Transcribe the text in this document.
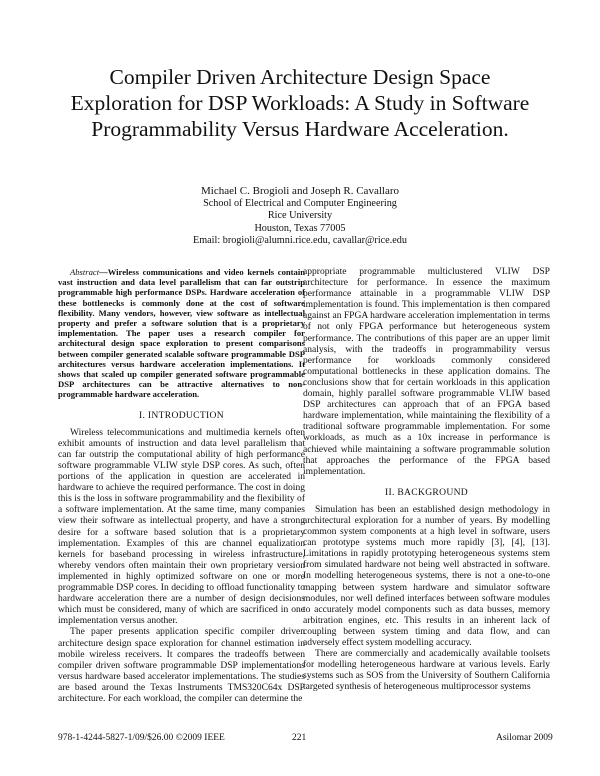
Compiler Driven Architecture Design Space Exploration for DSP Workloads: A Study in Software Programmability Versus Hardware Acceleration.
Michael C. Brogioli and Joseph R. Cavallaro
School of Electrical and Computer Engineering
Rice University
Houston, Texas 77005
Email: brogioli@alumni.rice.edu, cavallar@rice.edu

Abstract—Wireless communications and video kernels contain vast instruction and data level parallelism that can far outstrip programmable high performance DSPs. Hardware acceleration of these bottlenecks is commonly done at the cost of software flexibility. Many vendors, however, view software as intellectual property and prefer a software solution that is a proprietary implementation. The paper uses a research compiler for architectural design space exploration to present comparisons between compiler generated scalable software programmable DSP architectures versus hardware acceleration implementations. It shows that scaled up compiler generated software programmable DSP architectures can be attractive alternatives to non-programmable hardware acceleration.

I. INTRODUCTION

Wireless telecommunications and multimedia kernels often exhibit amounts of instruction and data level parallelism that can far outstrip the computational ability of high performance software programmable VLIW style DSP cores. As such, often portions of the application in question are accelerated in hardware to achieve the required performance. The cost in doing this is the loss in software programmability and the flexibility of a software implementation. At the same time, many companies view their software as intellectual property, and have a strong desire for a software based solution that is a proprietary implementation. Examples of this are channel equalization kernels for baseband processing in wireless infrastructure, whereby vendors often maintain their own proprietary version implemented in highly optimized software on one or more programmable DSP cores. In deciding to offload functionality to hardware acceleration there are a number of design decisions which must be considered, many of which are sacrificed in one implementation versus another.

The paper presents application specific compiler driven architecture design space exploration for channel estimation in mobile wireless receivers. It compares the tradeoffs between compiler driven software programmable DSP implementations versus hardware based accelerator implementations. The studies are based around the Texas Instruments TMS320C64x DSP architecture. For each workload, the compiler can determine the

appropriate programmable multiclustered VLIW DSP architecture for performance. In essence the maximum performance attainable in a programmable VLIW DSP implementation is found. This implementation is then compared against an FPGA hardware acceleration implementation in terms of not only FPGA performance but heterogeneous system performance. The contributions of this paper are an upper limit analysis, with the tradeoffs in programmability versus performance for workloads commonly considered computational bottlenecks in these application domains. The conclusions show that for certain workloads in this application domain, highly parallel software programmable VLIW based DSP architectures can approach that of an FPGA based hardware implementation, while maintaining the flexibility of a traditional software programmable implementation. For some workloads, as much as a 10x increase in performance is achieved while maintaining a software programmable solution that approaches the performance of the FPGA based implementation.

II. BACKGROUND

Simulation has been an established design methodology in architectural exploration for a number of years. By modelling common system components at a high level in software, users can prototype systems much more rapidly [3], [4], [13]. Limitations in rapidly prototyping heterogeneous systems stem from simulated hardware not being well abstracted in software. In modelling heterogeneous systems, there is not a one-to-one mapping between system hardware and simulator software modules, nor well defined interfaces between software modules to accurately model components such as data busses, memory arbitration engines, etc. This results in an inherent lack of coupling between system timing and data flow, and can adversely effect system modelling accuracy.

There are commercially and academically available toolsets for modelling heterogeneous hardware at various levels. Early systems such as SOS from the University of Southern California targeted synthesis of heterogeneous multiprocessor systems

978-1-4244-5827-1/09/$26.00 ©2009 IEEE	221	Asilomar 2009
